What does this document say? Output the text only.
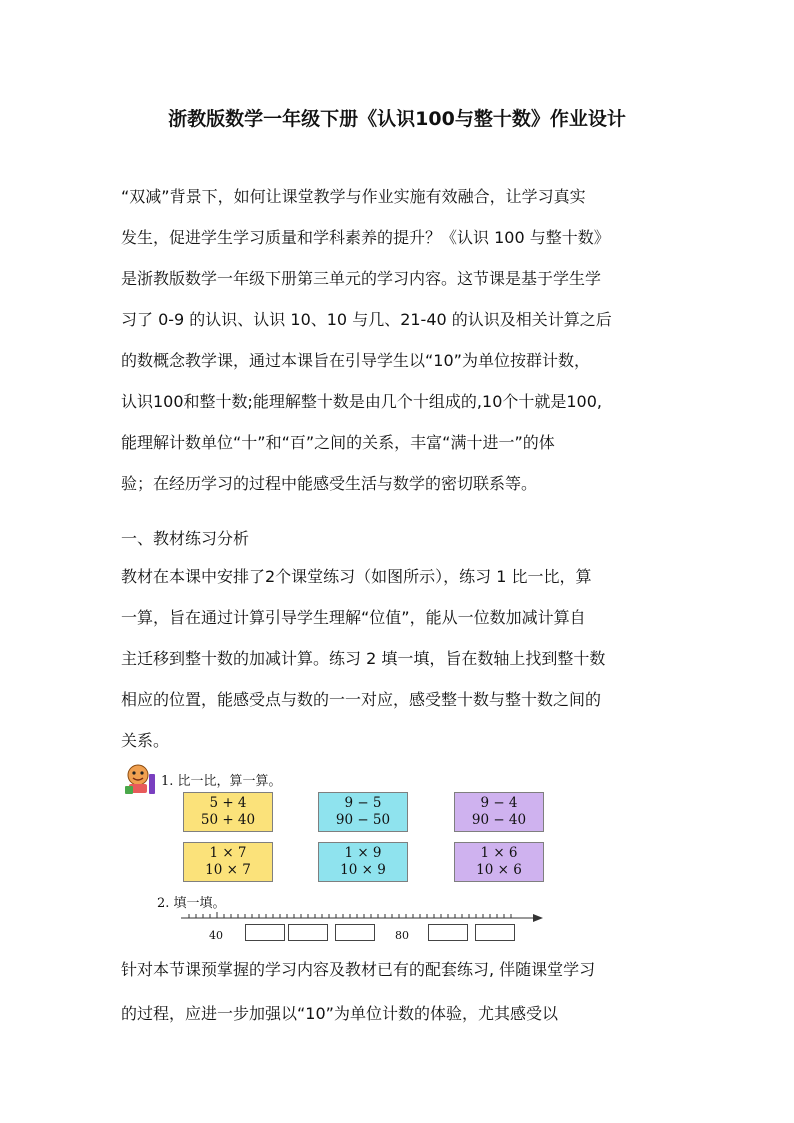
浙教版数学一年级下册《认识100与整十数》作业设计
“双减”背景下，如何让课堂教学与作业实施有效融合，让学习真实
发生，促进学生学习质量和学科素养的提升？《认识 100 与整十数》
是浙教版数学一年级下册第三单元的学习内容。这节课是基于学生学
习了 0-9 的认识、认识 10、10 与几、21-40 的认识及相关计算之后
的数概念教学课，通过本课旨在引导学生以“10”为单位按群计数，
认识100和整十数;能理解整十数是由几个十组成的,10个十就是100,
能理解计数单位“十”和“百”之间的关系，丰富“满十进一”的体
验；在经历学习的过程中能感受生活与数学的密切联系等。
一、教材练习分析
教材在本课中安排了2个课堂练习（如图所示），练习 1 比一比，算
一算，旨在通过计算引导学生理解“位值”，能从一位数加减计算自
主迁移到整十数的加减计算。练习 2 填一填，旨在数轴上找到整十数
相应的位置，能感受点与数的一一对应，感受整十数与整十数之间的
关系。
1. 比一比，算一算。
5 + 4
50 + 40
9 − 5
90 − 50
9 − 4
90 − 40
1 × 7
10 × 7
1 × 9
10 × 9
1 × 6
10 × 6
2. 填一填。
40	80
针对本节课预掌握的学习内容及教材已有的配套练习, 伴随课堂学习
的过程，应进一步加强以“10”为单位计数的体验，尤其感受以
